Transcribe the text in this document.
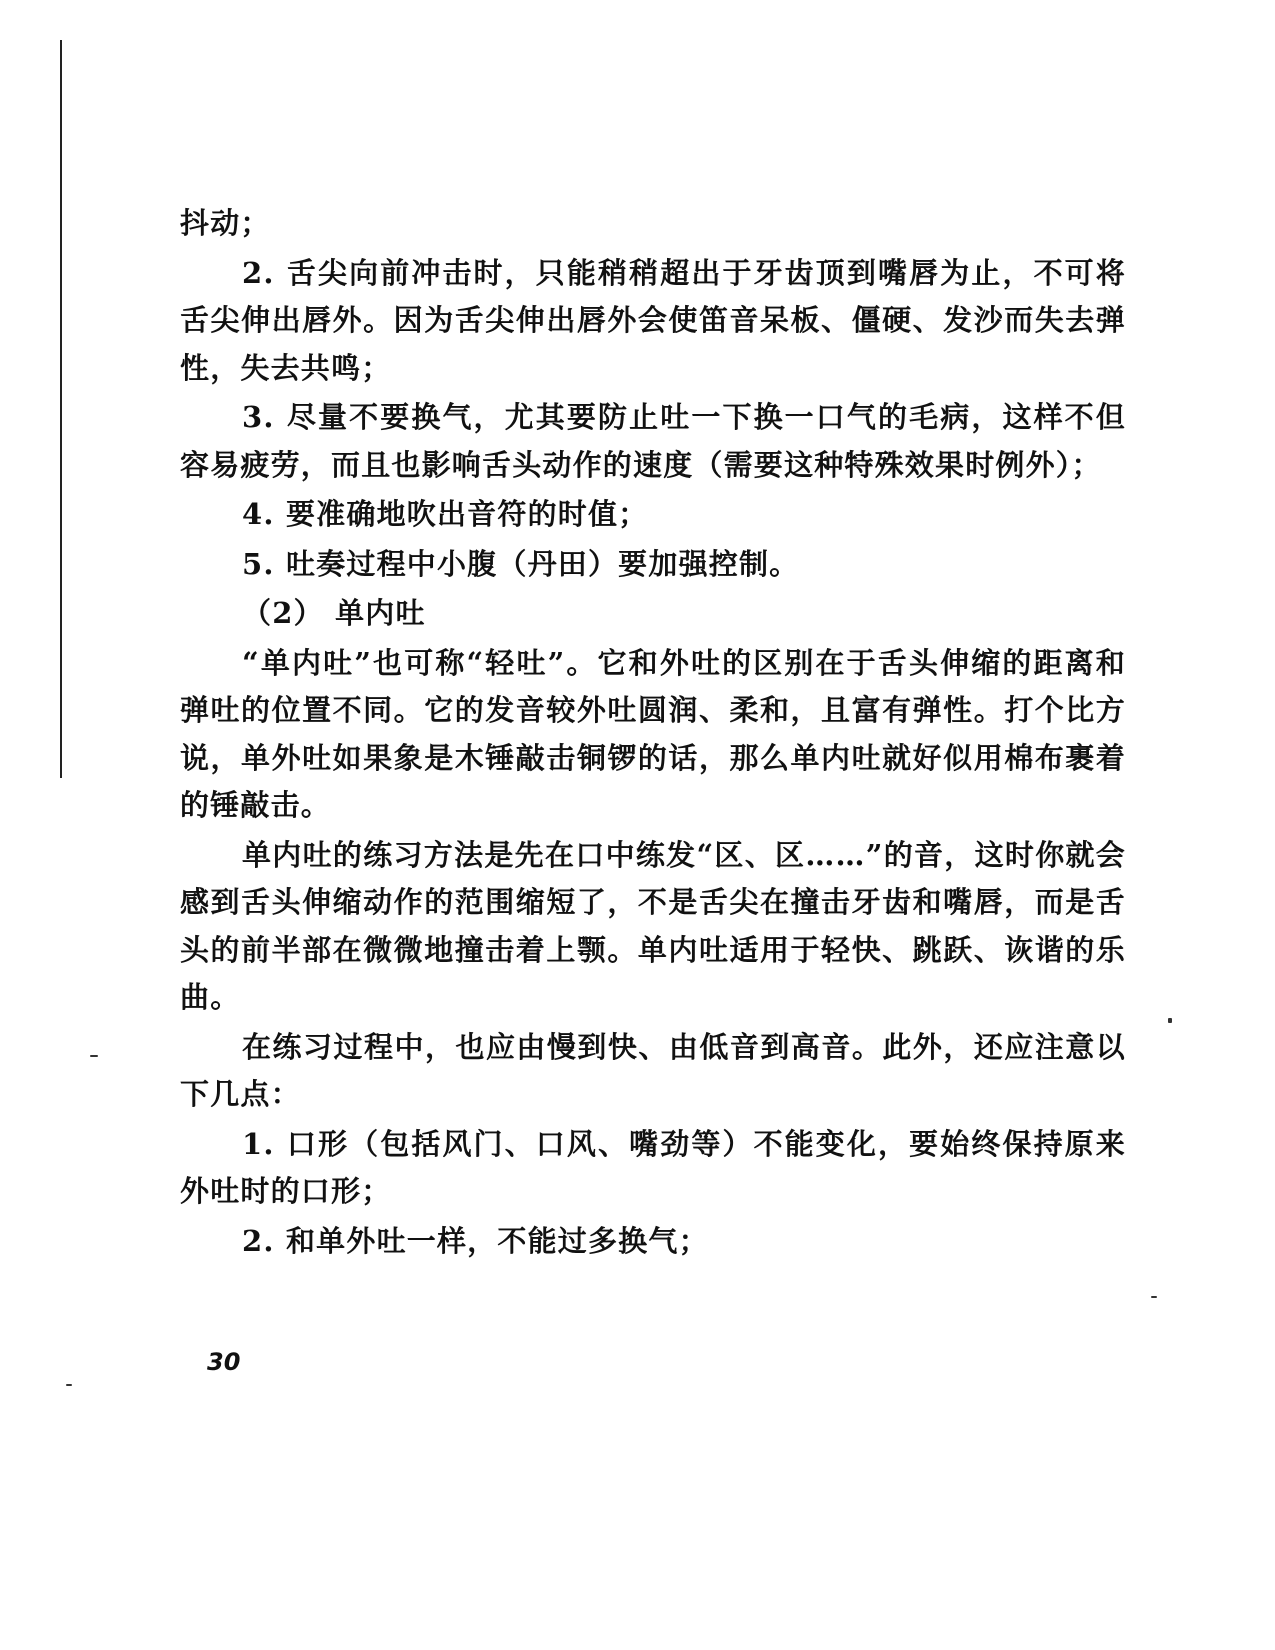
抖动；

2. 舌尖向前冲击时，只能稍稍超出于牙齿顶到嘴唇为止，不可将舌尖伸出唇外。因为舌尖伸出唇外会使笛音呆板、僵硬、发沙而失去弹性，失去共鸣；

3. 尽量不要换气，尤其要防止吐一下换一口气的毛病，这样不但容易疲劳，而且也影响舌头动作的速度（需要这种特殊效果时例外）；

4. 要准确地吹出音符的时值；

5. 吐奏过程中小腹（丹田）要加强控制。

（2） 单内吐

“单内吐”也可称“轻吐”。它和外吐的区别在于舌头伸缩的距离和弹吐的位置不同。它的发音较外吐圆润、柔和，且富有弹性。打个比方说，单外吐如果象是木锤敲击铜锣的话，那么单内吐就好似用棉布裹着的锤敲击。

单内吐的练习方法是先在口中练发“区、区……”的音，这时你就会感到舌头伸缩动作的范围缩短了，不是舌尖在撞击牙齿和嘴唇，而是舌头的前半部在微微地撞击着上颚。单内吐适用于轻快、跳跃、诙谐的乐曲。

在练习过程中，也应由慢到快、由低音到高音。此外，还应注意以下几点：

1. 口形（包括风门、口风、嘴劲等）不能变化，要始终保持原来外吐时的口形；

2. 和单外吐一样，不能过多换气；

30
